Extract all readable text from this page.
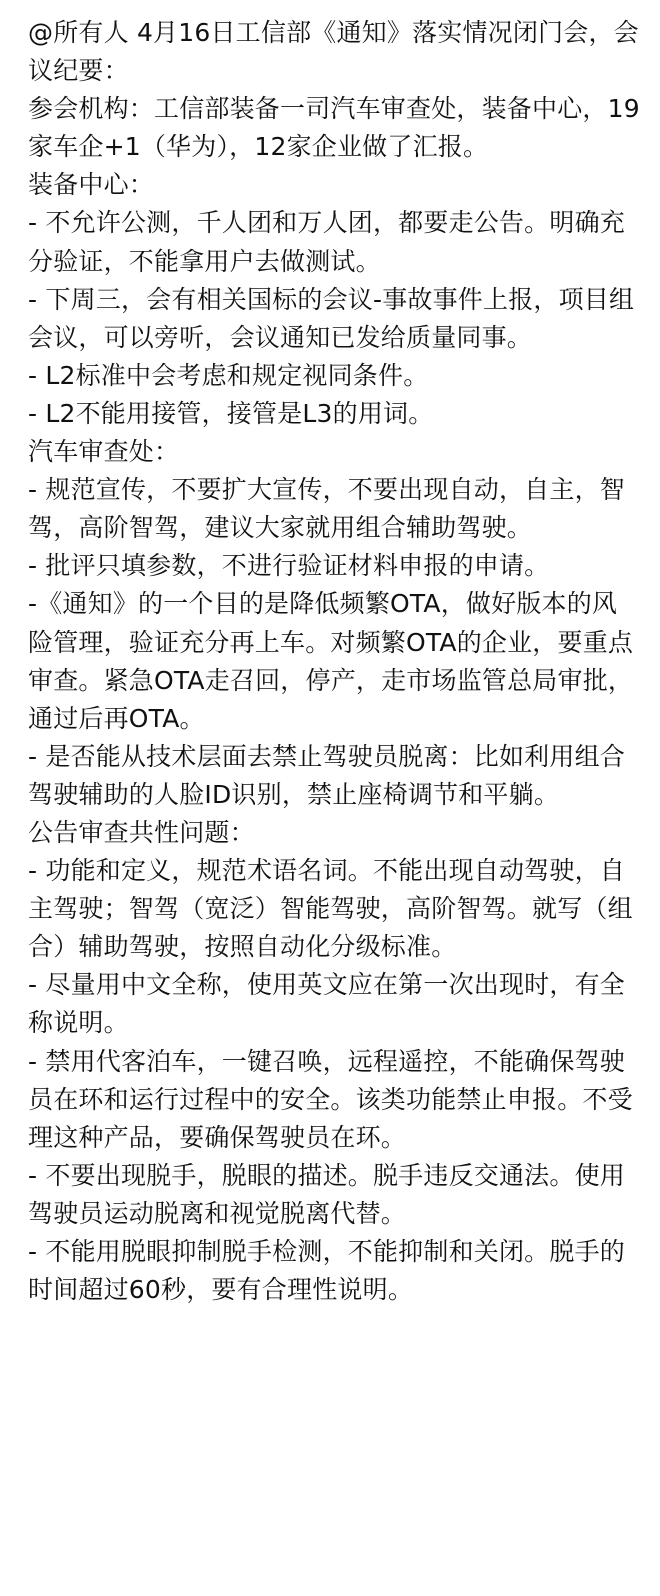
@所有人 4月16日工信部《通知》落实情况闭门会，会议纪要：
参会机构：工信部装备一司汽车审查处，装备中心，19家车企+1（华为），12家企业做了汇报。
装备中心：
- 不允许公测，千人团和万人团，都要走公告。明确充分验证，不能拿用户去做测试。
- 下周三，会有相关国标的会议-事故事件上报，项目组会议，可以旁听，会议通知已发给质量同事。
- L2标准中会考虑和规定视同条件。
- L2不能用接管，接管是L3的用词。
汽车审查处：
- 规范宣传，不要扩大宣传，不要出现自动，自主，智驾，高阶智驾，建议大家就用组合辅助驾驶。
- 批评只填参数，不进行验证材料申报的申请。
-《通知》的一个目的是降低频繁OTA，做好版本的风险管理，验证充分再上车。对频繁OTA的企业，要重点审查。紧急OTA走召回，停产，走市场监管总局审批，通过后再OTA。
- 是否能从技术层面去禁止驾驶员脱离：比如利用组合驾驶辅助的人脸ID识别，禁止座椅调节和平躺。
公告审查共性问题：
- 功能和定义，规范术语名词。不能出现自动驾驶，自主驾驶；智驾（宽泛）智能驾驶，高阶智驾。就写（组合）辅助驾驶，按照自动化分级标准。
- 尽量用中文全称，使用英文应在第一次出现时，有全称说明。
- 禁用代客泊车，一键召唤，远程遥控，不能确保驾驶员在环和运行过程中的安全。该类功能禁止申报。不受理这种产品，要确保驾驶员在环。
- 不要出现脱手，脱眼的描述。脱手违反交通法。使用驾驶员运动脱离和视觉脱离代替。
- 不能用脱眼抑制脱手检测，不能抑制和关闭。脱手的时间超过60秒，要有合理性说明。
